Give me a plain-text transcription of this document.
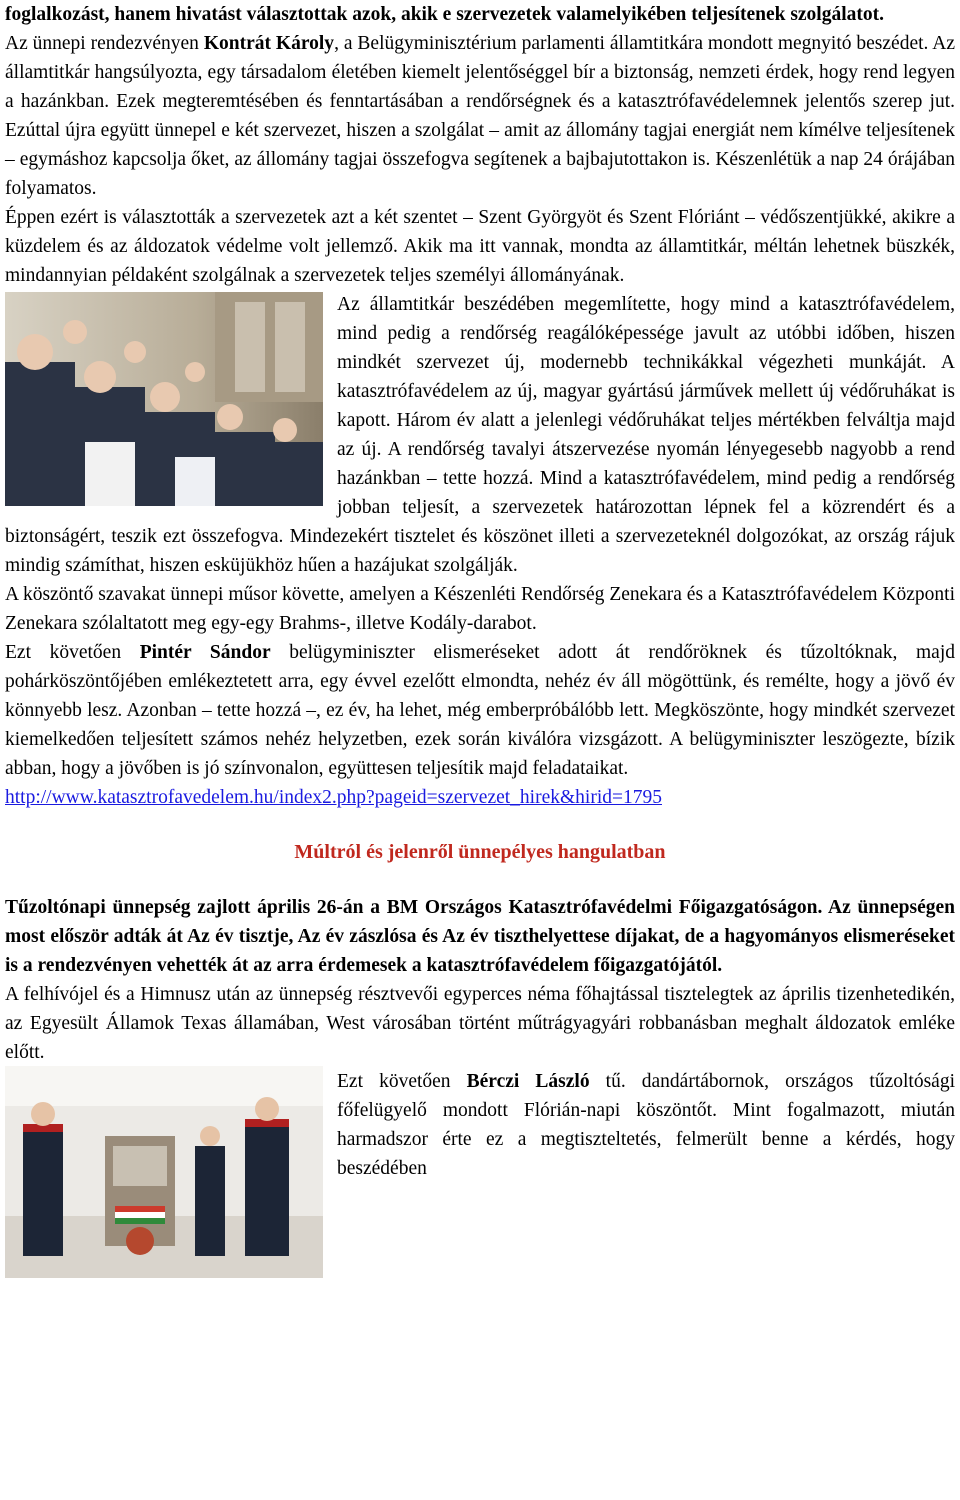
foglalkozást, hanem hivatást választottak azok, akik e szervezetek valamelyikében teljesítenek szolgálatot.

Az ünnepi rendezvényen Kontrát Károly, a Belügyminisztérium parlamenti államtitkára mondott megnyitó beszédet. Az államtitkár hangsúlyozta, egy társadalom életében kiemelt jelentőséggel bír a biztonság, nemzeti érdek, hogy rend legyen a hazánkban. Ezek megteremtésében és fenntartásában a rendőrségnek és a katasztrófavédelemnek jelentős szerep jut. Ezúttal újra együtt ünnepel e két szervezet, hiszen a szolgálat – amit az állomány tagjai energiát nem kímélve teljesítenek – egymáshoz kapcsolja őket, az állomány tagjai összefogva segítenek a bajbajutottakon is. Készenlétük a nap 24 órájában folyamatos.

Éppen ezért is választották a szervezetek azt a két szentet – Szent Györgyöt és Szent Flóriánt – védőszentjükké, akikre a küzdelem és az áldozatok védelme volt jellemző. Akik ma itt vannak, mondta az államtitkár, méltán lehetnek büszkék, mindannyian példaként szolgálnak a szervezetek teljes személyi állományának.

Az államtitkár beszédében megemlítette, hogy mind a katasztrófavédelem, mind pedig a rendőrség reagálóképessége javult az utóbbi időben, hiszen mindkét szervezet új, modernebb technikákkal végezheti munkáját. A katasztrófavédelem az új, magyar gyártású járművek mellett új védőruhákat is kapott. Három év alatt a jelenlegi védőruhákat teljes mértékben felváltja majd az új. A rendőrség tavalyi átszervezése nyomán lényegesebb nagyobb a rend hazánkban – tette hozzá. Mind a katasztrófavédelem, mind pedig a rendőrség jobban teljesít, a szervezetek határozottan lépnek fel a közrendért és a biztonságért, teszik ezt összefogva. Mindezekért tisztelet és köszönet illeti a szervezeteknél dolgozókat, az ország rájuk mindig számíthat, hiszen esküjükhöz hűen a hazájukat szolgálják.

A köszöntő szavakat ünnepi műsor követte, amelyen a Készenléti Rendőrség Zenekara és a Katasztrófavédelem Központi Zenekara szólaltatott meg egy-egy Brahms-, illetve Kodály-darabot.

Ezt követően Pintér Sándor belügyminiszter elismeréseket adott át rendőröknek és tűzoltóknak, majd pohárköszöntőjében emlékeztetett arra, egy évvel ezelőtt elmondta, nehéz év áll mögöttünk, és remélte, hogy a jövő év könnyebb lesz. Azonban – tette hozzá –, ez év, ha lehet, még emberpróbálóbb lett. Megköszönte, hogy mindkét szervezet kiemelkedően teljesített számos nehéz helyzetben, ezek során kiválóra vizsgázott. A belügyminiszter leszögezte, bízik abban, hogy a jövőben is jó színvonalon, együttesen teljesítik majd feladataikat.

http://www.katasztrofavedelem.hu/index2.php?pageid=szervezet_hirek&hirid=1795
Múltról és jelenről ünnepélyes hangulatban

Tűzoltónapi ünnepség zajlott április 26-án a BM Országos Katasztrófavédelmi Főigazgatóságon. Az ünnepségen most először adták át Az év tisztje, Az év zászlósa és Az év tiszthelyettese díjakat, de a hagyományos elismeréseket is a rendezvényen vehették át az arra érdemesek a katasztrófavédelem főigazgatójától.

A felhívójel és a Himnusz után az ünnepség résztvevői egyperces néma főhajtással tisztelegtek az április tizenhetedikén, az Egyesült Államok Texas államában, West városában történt műtrágyagyári robbanásban meghalt áldozatok emléke előtt.

Ezt követően Bérczi László tű. dandártábornok, országos tűzoltósági főfelügyelő mondott Flórián-napi köszöntőt. Mint fogalmazott, miután harmadszor érte ez a megtiszteltetés, felmerült benne a kérdés, hogy beszédében
